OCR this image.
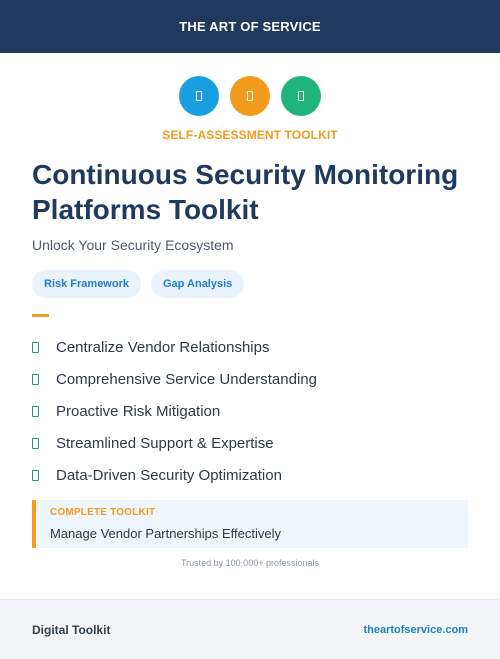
THE ART OF SERVICE
SELF-ASSESSMENT TOOLKIT
Continuous Security Monitoring Platforms Toolkit
Unlock Your Security Ecosystem
Risk Framework	Gap Analysis
Centralize Vendor Relationships
Comprehensive Service Understanding
Proactive Risk Mitigation
Streamlined Support & Expertise
Data-Driven Security Optimization
COMPLETE TOOLKIT
Manage Vendor Partnerships Effectively
Trusted by 100,000+ professionals
Digital Toolkit	theartofservice.com
